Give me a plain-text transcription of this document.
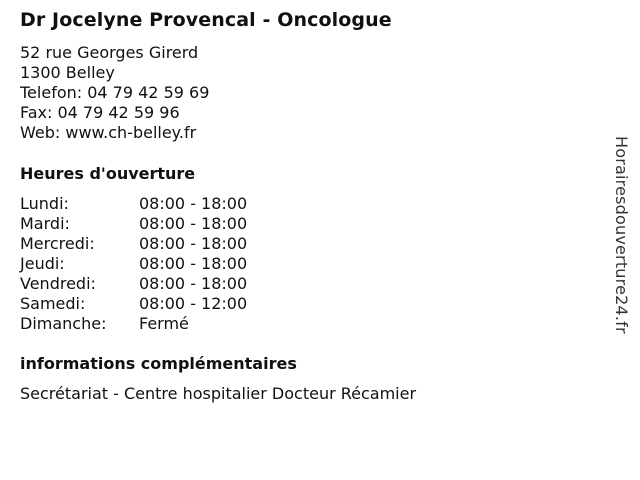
Dr Jocelyne Provencal - Oncologue
52 rue Georges Girerd
1300 Belley
Telefon: 04 79 42 59 69
Fax: 04 79 42 59 96
Web: www.ch-belley.fr
Heures d'ouverture
Lundi:	08:00 - 18:00
Mardi:	08:00 - 18:00
Mercredi:	08:00 - 18:00
Jeudi:	08:00 - 18:00
Vendredi:	08:00 - 18:00
Samedi:	08:00 - 12:00
Dimanche: Fermé
informations complémentaires
Secrétariat - Centre hospitalier Docteur Récamier
Horairesdouverture24.fr
